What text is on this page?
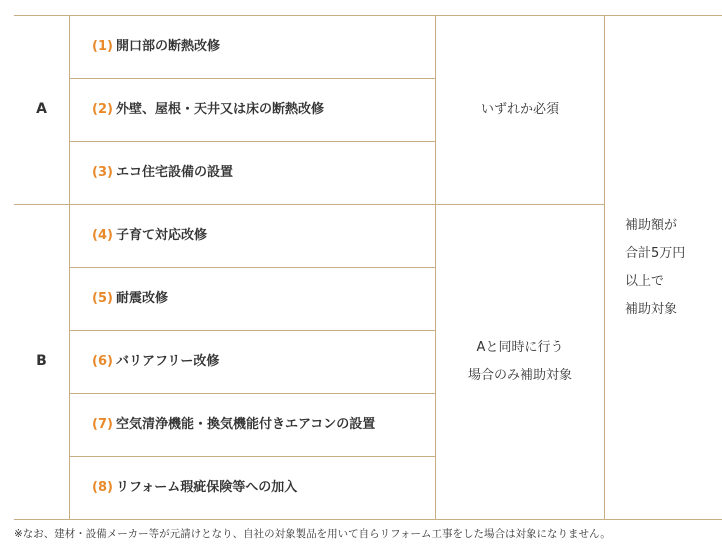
A
B
(1) 開口部の断熱改修
(2) 外壁、屋根・天井又は床の断熱改修
(3) エコ住宅設備の設置
(4) 子育て対応改修
(5) 耐震改修
(6) バリアフリー改修
(7) 空気清浄機能・換気機能付きエアコンの設置
(8) リフォーム瑕疵保険等への加入
いずれか必須
Aと同時に行う
場合のみ補助対象
補助額が
合計5万円
以上で
補助対象
※なお、建材・設備メーカー等が元請けとなり、自社の対象製品を用いて自らリフォーム工事をした場合は対象になりません。
